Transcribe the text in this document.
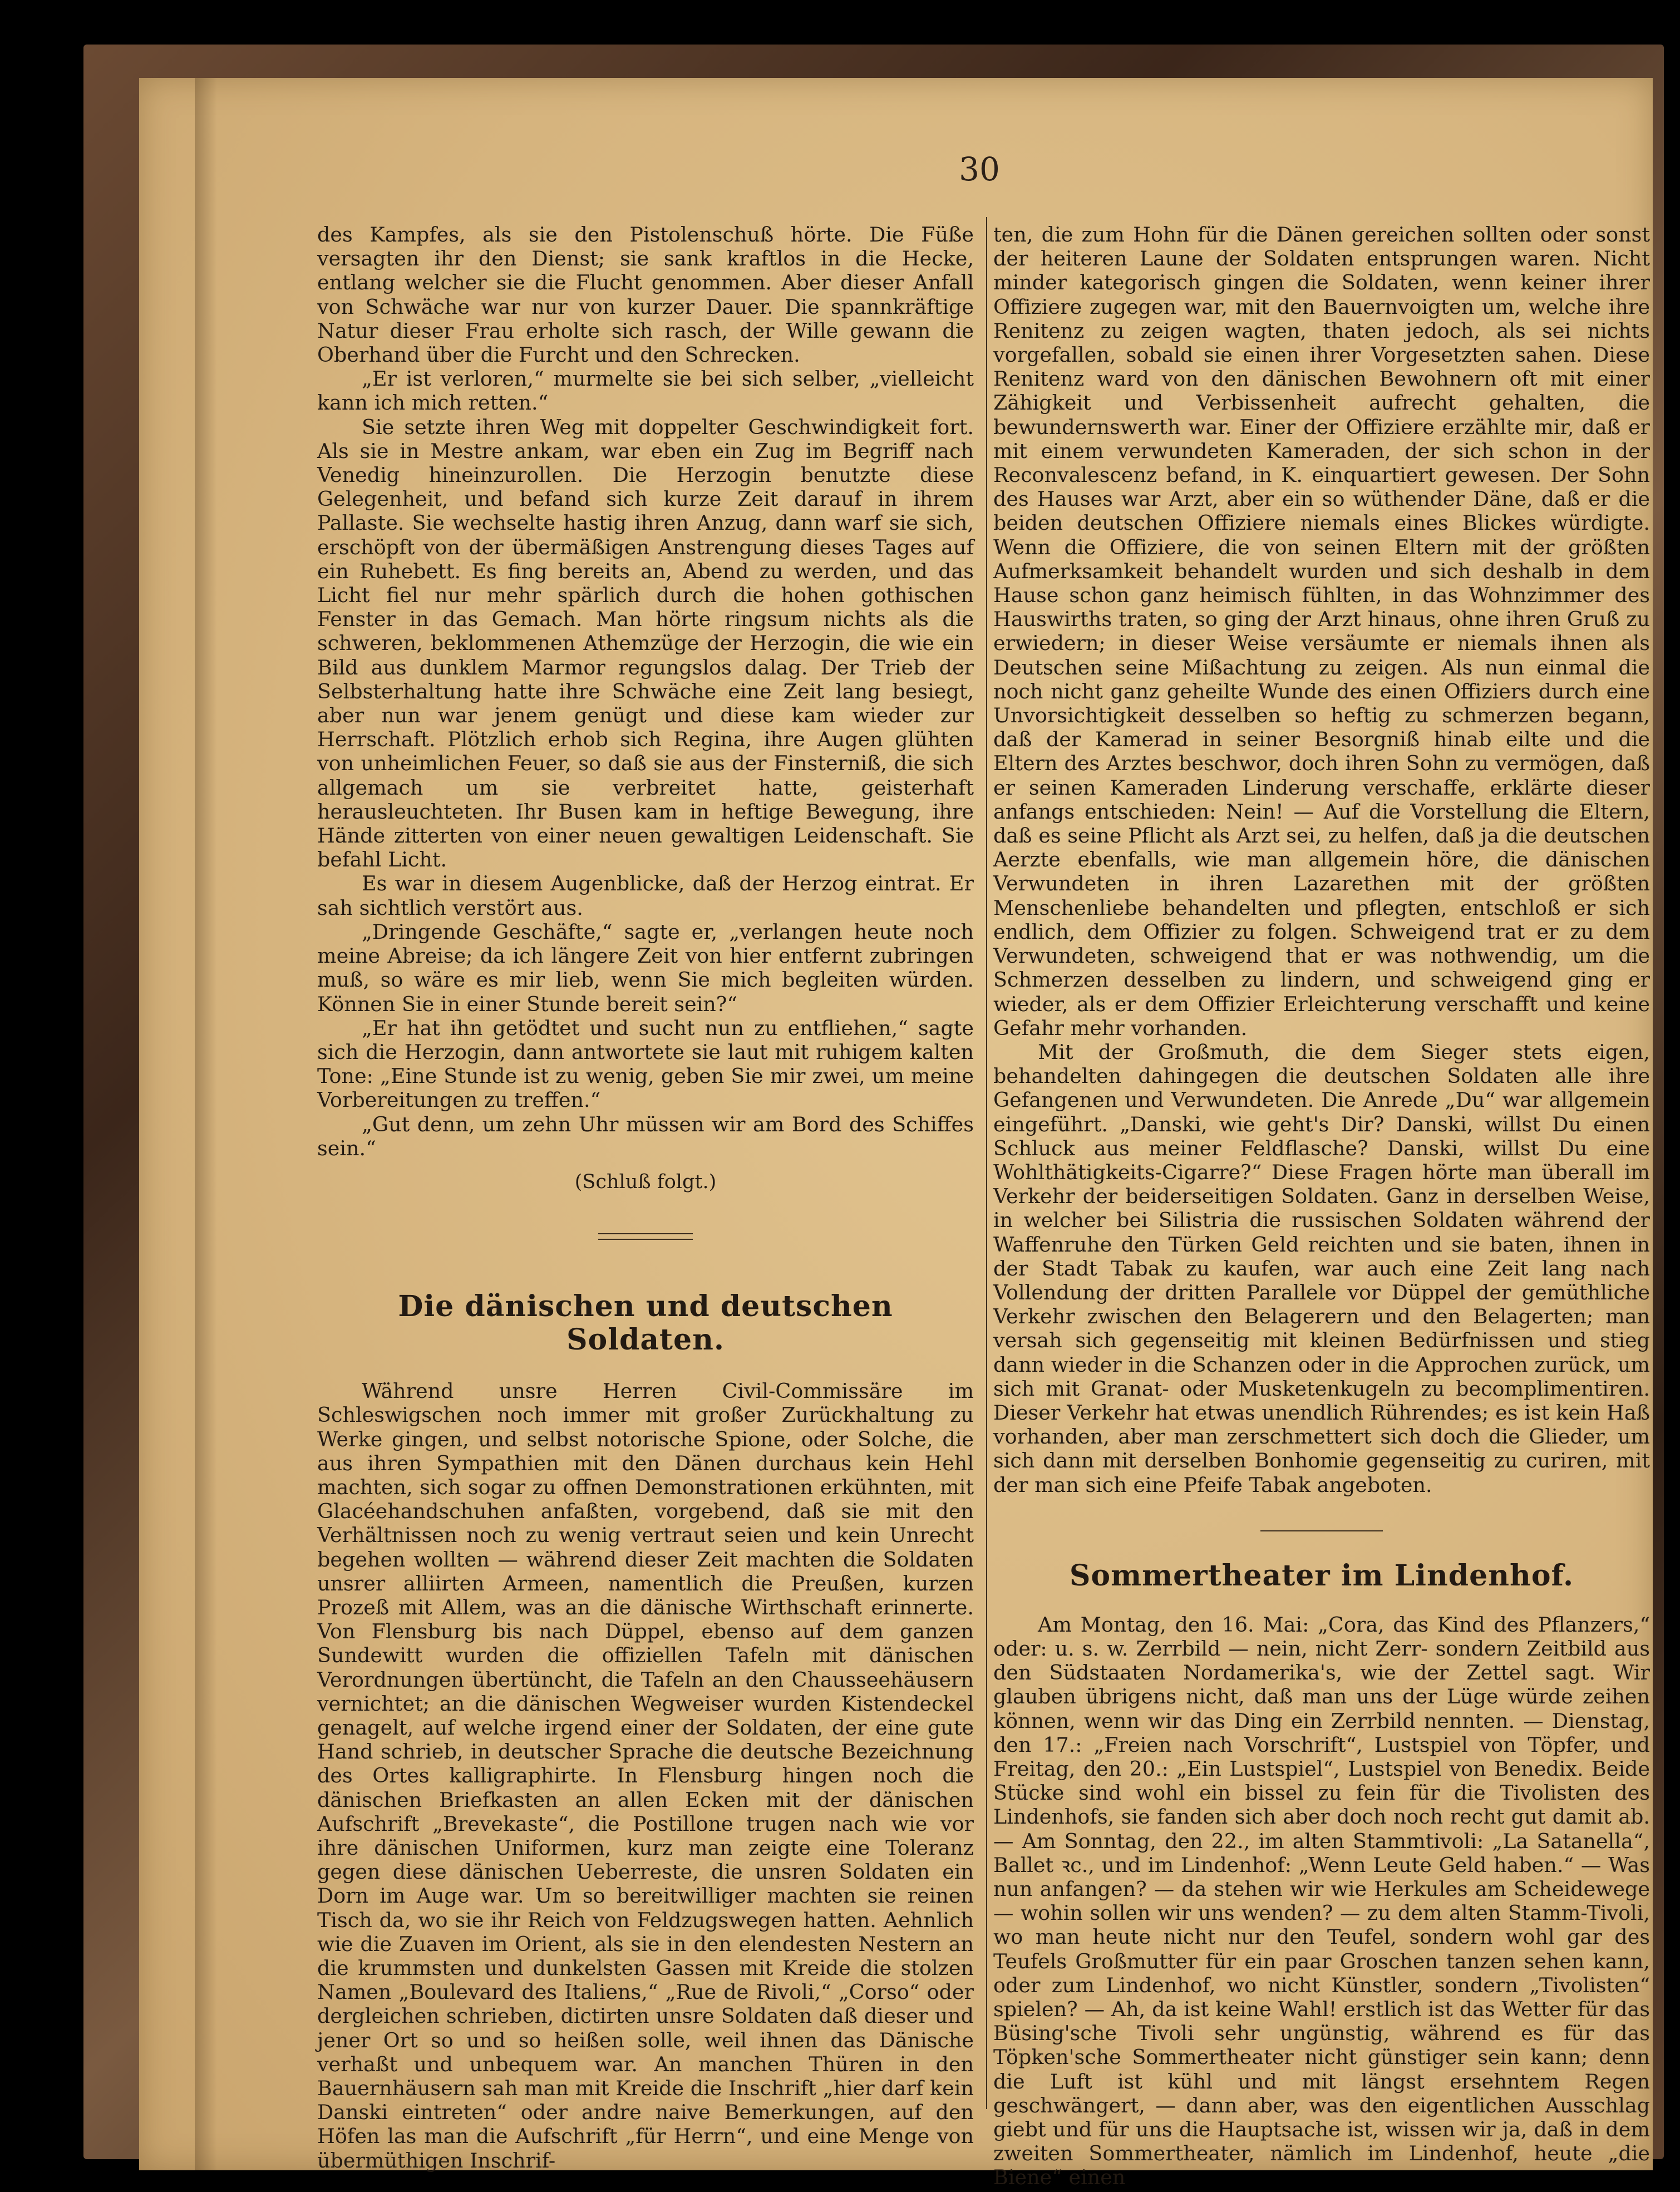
30

des Kampfes, als sie den Pistolenschuß hörte. Die Füße versagten ihr den Dienst; sie sank kraftlos in die Hecke, entlang welcher sie die Flucht genommen. Aber dieser Anfall von Schwäche war nur von kurzer Dauer. Die spannkräftige Natur dieser Frau erholte sich rasch, der Wille gewann die Oberhand über die Furcht und den Schrecken.

„Er ist verloren,“ murmelte sie bei sich selber, „vielleicht kann ich mich retten.“

Sie setzte ihren Weg mit doppelter Geschwindigkeit fort. Als sie in Mestre ankam, war eben ein Zug im Begriff nach Venedig hineinzurollen. Die Herzogin benutzte diese Gelegenheit, und befand sich kurze Zeit darauf in ihrem Pallaste. Sie wechselte hastig ihren Anzug, dann warf sie sich, erschöpft von der übermäßigen Anstrengung dieses Tages auf ein Ruhebett. Es fing bereits an, Abend zu werden, und das Licht fiel nur mehr spärlich durch die hohen gothischen Fenster in das Gemach. Man hörte ringsum nichts als die schweren, beklommenen Athemzüge der Herzogin, die wie ein Bild aus dunklem Marmor regungslos dalag. Der Trieb der Selbsterhaltung hatte ihre Schwäche eine Zeit lang besiegt, aber nun war jenem genügt und diese kam wieder zur Herrschaft. Plötzlich erhob sich Regina, ihre Augen glühten von unheimlichen Feuer, so daß sie aus der Finsterniß, die sich allgemach um sie verbreitet hatte, geisterhaft herausleuchteten. Ihr Busen kam in heftige Bewegung, ihre Hände zitterten von einer neuen gewaltigen Leidenschaft. Sie befahl Licht.

Es war in diesem Augenblicke, daß der Herzog eintrat. Er sah sichtlich verstört aus.

„Dringende Geschäfte,“ sagte er, „verlangen heute noch meine Abreise; da ich längere Zeit von hier entfernt zubringen muß, so wäre es mir lieb, wenn Sie mich begleiten würden. Können Sie in einer Stunde bereit sein?“

„Er hat ihn getödtet und sucht nun zu entfliehen,“ sagte sich die Herzogin, dann antwortete sie laut mit ruhigem kalten Tone: „Eine Stunde ist zu wenig, geben Sie mir zwei, um meine Vorbereitungen zu treffen.“

„Gut denn, um zehn Uhr müssen wir am Bord des Schiffes sein.“

(Schluß folgt.)
Die dänischen und deutschen Soldaten.

Während unsre Herren Civil-Commissäre im Schleswigschen noch immer mit großer Zurückhaltung zu Werke gingen, und selbst notorische Spione, oder Solche, die aus ihren Sympathien mit den Dänen durchaus kein Hehl machten, sich sogar zu offnen Demonstrationen erkühnten, mit Glacéehandschuhen anfaßten, vorgebend, daß sie mit den Verhältnissen noch zu wenig vertraut seien und kein Unrecht begehen wollten — während dieser Zeit machten die Soldaten unsrer alliirten Armeen, namentlich die Preußen, kurzen Prozeß mit Allem, was an die dänische Wirthschaft erinnerte. Von Flensburg bis nach Düppel, ebenso auf dem ganzen Sundewitt wurden die offiziellen Tafeln mit dänischen Verordnungen übertüncht, die Tafeln an den Chausseehäusern vernichtet; an die dänischen Wegweiser wurden Kistendeckel genagelt, auf welche irgend einer der Soldaten, der eine gute Hand schrieb, in deutscher Sprache die deutsche Bezeichnung des Ortes kalligraphirte. In Flensburg hingen noch die dänischen Briefkasten an allen Ecken mit der dänischen Aufschrift „Brevekaste“, die Postillone trugen nach wie vor ihre dänischen Uniformen, kurz man zeigte eine Toleranz gegen diese dänischen Ueberreste, die unsren Soldaten ein Dorn im Auge war. Um so bereitwilliger machten sie reinen Tisch da, wo sie ihr Reich von Feldzugswegen hatten. Aehnlich wie die Zuaven im Orient, als sie in den elendesten Nestern an die krummsten und dunkelsten Gassen mit Kreide die stolzen Namen „Boulevard des Italiens,“ „Rue de Rivoli,“ „Corso“ oder dergleichen schrieben, dictirten unsre Soldaten daß dieser und jener Ort so und so heißen solle, weil ihnen das Dänische verhaßt und unbequem war. An manchen Thüren in den Bauernhäusern sah man mit Kreide die Inschrift „hier darf kein Danski eintreten“ oder andre naive Bemerkungen, auf den Höfen las man die Aufschrift „für Herrn“, und eine Menge von übermüthigen Inschrif-

ten, die zum Hohn für die Dänen gereichen sollten oder sonst der heiteren Laune der Soldaten entsprungen waren. Nicht minder kategorisch gingen die Soldaten, wenn keiner ihrer Offiziere zugegen war, mit den Bauernvoigten um, welche ihre Renitenz zu zeigen wagten, thaten jedoch, als sei nichts vorgefallen, sobald sie einen ihrer Vorgesetzten sahen. Diese Renitenz ward von den dänischen Bewohnern oft mit einer Zähigkeit und Verbissenheit aufrecht gehalten, die bewundernswerth war. Einer der Offiziere erzählte mir, daß er mit einem verwundeten Kameraden, der sich schon in der Reconvalescenz befand, in K. einquartiert gewesen. Der Sohn des Hauses war Arzt, aber ein so wüthender Däne, daß er die beiden deutschen Offiziere niemals eines Blickes würdigte. Wenn die Offiziere, die von seinen Eltern mit der größten Aufmerksamkeit behandelt wurden und sich deshalb in dem Hause schon ganz heimisch fühlten, in das Wohnzimmer des Hauswirths traten, so ging der Arzt hinaus, ohne ihren Gruß zu erwiedern; in dieser Weise versäumte er niemals ihnen als Deutschen seine Mißachtung zu zeigen. Als nun einmal die noch nicht ganz geheilte Wunde des einen Offiziers durch eine Unvorsichtigkeit desselben so heftig zu schmerzen begann, daß der Kamerad in seiner Besorgniß hinab eilte und die Eltern des Arztes beschwor, doch ihren Sohn zu vermögen, daß er seinen Kameraden Linderung verschaffe, erklärte dieser anfangs entschieden: Nein! — Auf die Vorstellung die Eltern, daß es seine Pflicht als Arzt sei, zu helfen, daß ja die deutschen Aerzte ebenfalls, wie man allgemein höre, die dänischen Verwundeten in ihren Lazarethen mit der größten Menschenliebe behandelten und pflegten, entschloß er sich endlich, dem Offizier zu folgen. Schweigend trat er zu dem Verwundeten, schweigend that er was nothwendig, um die Schmerzen desselben zu lindern, und schweigend ging er wieder, als er dem Offizier Erleichterung verschafft und keine Gefahr mehr vorhanden.

Mit der Großmuth, die dem Sieger stets eigen, behandelten dahingegen die deutschen Soldaten alle ihre Gefangenen und Verwundeten. Die Anrede „Du“ war allgemein eingeführt. „Danski, wie geht's Dir? Danski, willst Du einen Schluck aus meiner Feldflasche? Danski, willst Du eine Wohlthätigkeits-Cigarre?“ Diese Fragen hörte man überall im Verkehr der beiderseitigen Soldaten. Ganz in derselben Weise, in welcher bei Silistria die russischen Soldaten während der Waffenruhe den Türken Geld reichten und sie baten, ihnen in der Stadt Tabak zu kaufen, war auch eine Zeit lang nach Vollendung der dritten Parallele vor Düppel der gemüthliche Verkehr zwischen den Belagerern und den Belagerten; man versah sich gegenseitig mit kleinen Bedürfnissen und stieg dann wieder in die Schanzen oder in die Approchen zurück, um sich mit Granat- oder Musketenkugeln zu becomplimentiren. Dieser Verkehr hat etwas unendlich Rührendes; es ist kein Haß vorhanden, aber man zerschmettert sich doch die Glieder, um sich dann mit derselben Bonhomie gegenseitig zu curiren, mit der man sich eine Pfeife Tabak angeboten.

Sommertheater im Lindenhof.

Am Montag, den 16. Mai: „Cora, das Kind des Pflanzers,“ oder: u. s. w. Zerrbild — nein, nicht Zerr- sondern Zeitbild aus den Südstaaten Nordamerika's, wie der Zettel sagt. Wir glauben übrigens nicht, daß man uns der Lüge würde zeihen können, wenn wir das Ding ein Zerrbild nennten. — Dienstag, den 17.: „Freien nach Vorschrift“, Lustspiel von Töpfer, und Freitag, den 20.: „Ein Lustspiel“, Lustspiel von Benedix. Beide Stücke sind wohl ein bissel zu fein für die Tivolisten des Lindenhofs, sie fanden sich aber doch noch recht gut damit ab. — Am Sonntag, den 22., im alten Stammtivoli: „La Satanella“, Ballet ꝛc., und im Lindenhof: „Wenn Leute Geld haben.“ — Was nun anfangen? — da stehen wir wie Herkules am Scheidewege — wohin sollen wir uns wenden? — zu dem alten Stamm-Tivoli, wo man heute nicht nur den Teufel, sondern wohl gar des Teufels Großmutter für ein paar Groschen tanzen sehen kann, oder zum Lindenhof, wo nicht Künstler, sondern „Tivolisten“ spielen? — Ah, da ist keine Wahl! erstlich ist das Wetter für das Büsing'sche Tivoli sehr ungünstig, während es für das Töpken'sche Sommertheater nicht günstiger sein kann; denn die Luft ist kühl und mit längst ersehntem Regen geschwängert, — dann aber, was den eigentlichen Ausschlag giebt und für uns die Hauptsache ist, wissen wir ja, daß in dem zweiten Sommertheater, nämlich im Lindenhof, heute „die Biene“ einen
